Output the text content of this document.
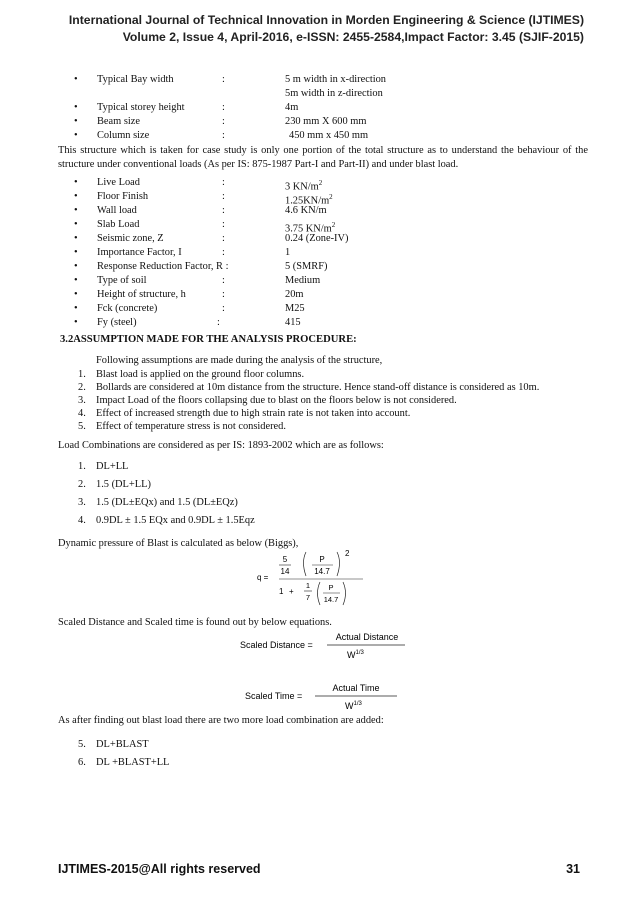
International Journal of Technical Innovation in Morden Engineering & Science (IJTIMES)
Volume 2, Issue 4, April-2016, e-ISSN: 2455-2584,Impact Factor: 3.45 (SJIF-2015)
• Typical Bay width	:	5 m width in x-direction
5m width in z-direction
• Typical storey height	:	4m
• Beam size	:	230 mm X 600 mm
• Column size	:	450 mm x 450 mm
This structure which is taken for case study is only one portion of the total structure as to understand the behaviour of the structure under conventional loads (As per IS: 875-1987 Part-I and Part-II) and under blast load.
• Live Load	:	3 $KN/m^2$
• Floor Finish	:	$1.25KN/m^2$
• Wall load	:	4.6 KN/m
• Slab Load	:	3.75 $KN/m^2$
• Seismic zone, Z	:	0.24 (Zone-IV)
• Importance Factor, I	:	1
• Response Reduction Factor, R :	5 (SMRF)
• Type of soil	:	Medium
• Height of structure, h	:	20m
• Fck (concrete)	:	M25
• Fy (steel)	:	415
3.2ASSUMPTION MADE FOR THE ANALYSIS PROCEDURE:
Following assumptions are made during the analysis of the structure,
1. Blast load is applied on the ground floor columns.
2. Bollards are considered at 10m distance from the structure. Hence stand-off distance is considered as 10m.
3. Impact Load of the floors collapsing due to blast on the floors below is not considered.
4. Effect of increased strength due to high strain rate is not taken into account.
5. Effect of temperature stress is not considered.
Load Combinations are considered as per IS: 1893-2002 which are as follows:
1. DL+LL
2. 1.5 (DL+LL)
3. 1.5 (DL±EQx) and 1.5 (DL±EQz)
4. 0.9DL ± 1.5 EQx and 0.9DL ± 1.5Eqz
Dynamic pressure of Blast is calculated as below (Biggs),
q =
5
14
P
14.7
2
1 +
1
7
P
14.7
Scaled Distance and Scaled time is found out by below equations.
Scaled Distance =
Actual Distance
$W^{1/3}$
Scaled Time =
Actual Time
$W^{1/3}$
As after finding out blast load there are two more load combination are added:
5. DL+BLAST
6. DL +BLAST+LL
IJTIMES-2015@All rights reserved	31
